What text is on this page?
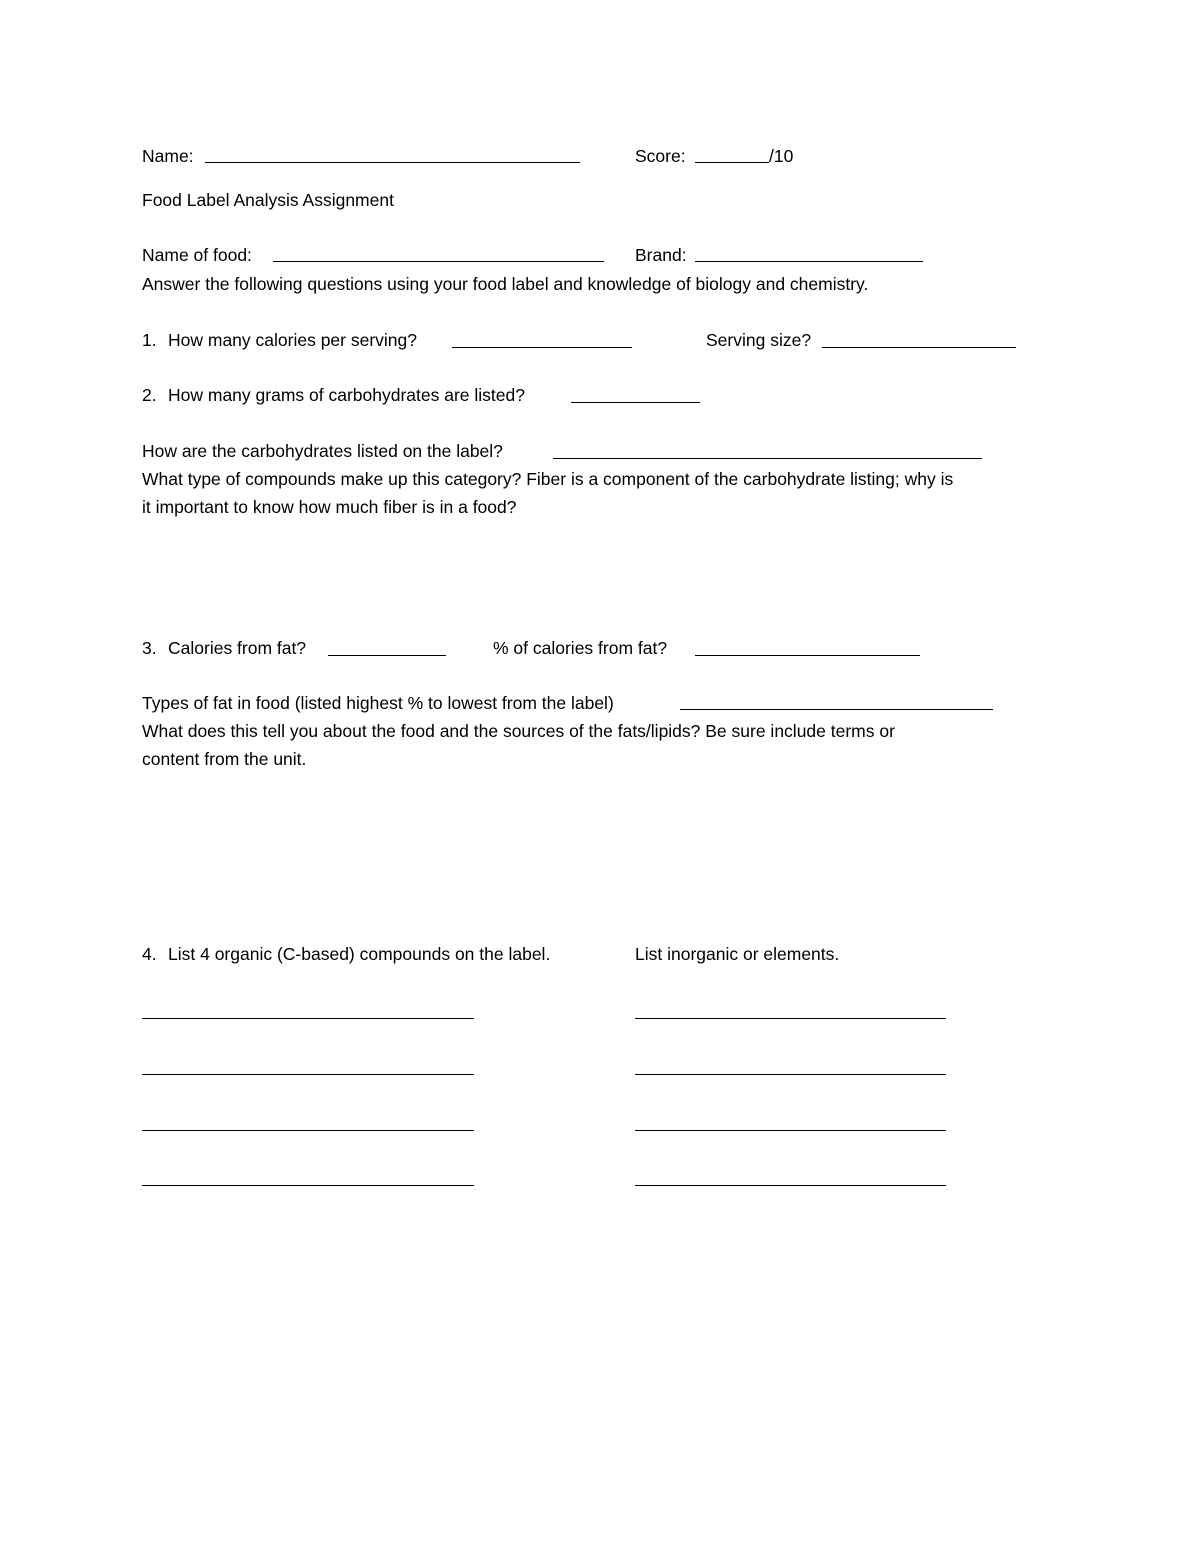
Name:	Score:	/10
Food Label Analysis Assignment
Name of food:	Brand:
Answer the following questions using your food label and knowledge of biology and chemistry.
1. How many calories per serving?	Serving size?
2. How many grams of carbohydrates are listed?
How are the carbohydrates listed on the label?
What type of compounds make up this category? Fiber is a component of the carbohydrate listing; why is
it important to know how much fiber is in a food?
3. Calories from fat?	% of calories from fat?
Types of fat in food (listed highest % to lowest from the label)
What does this tell you about the food and the sources of the fats/lipids? Be sure include terms or
content from the unit.
4. List 4 organic (C-based) compounds on the label.	List inorganic or elements.
